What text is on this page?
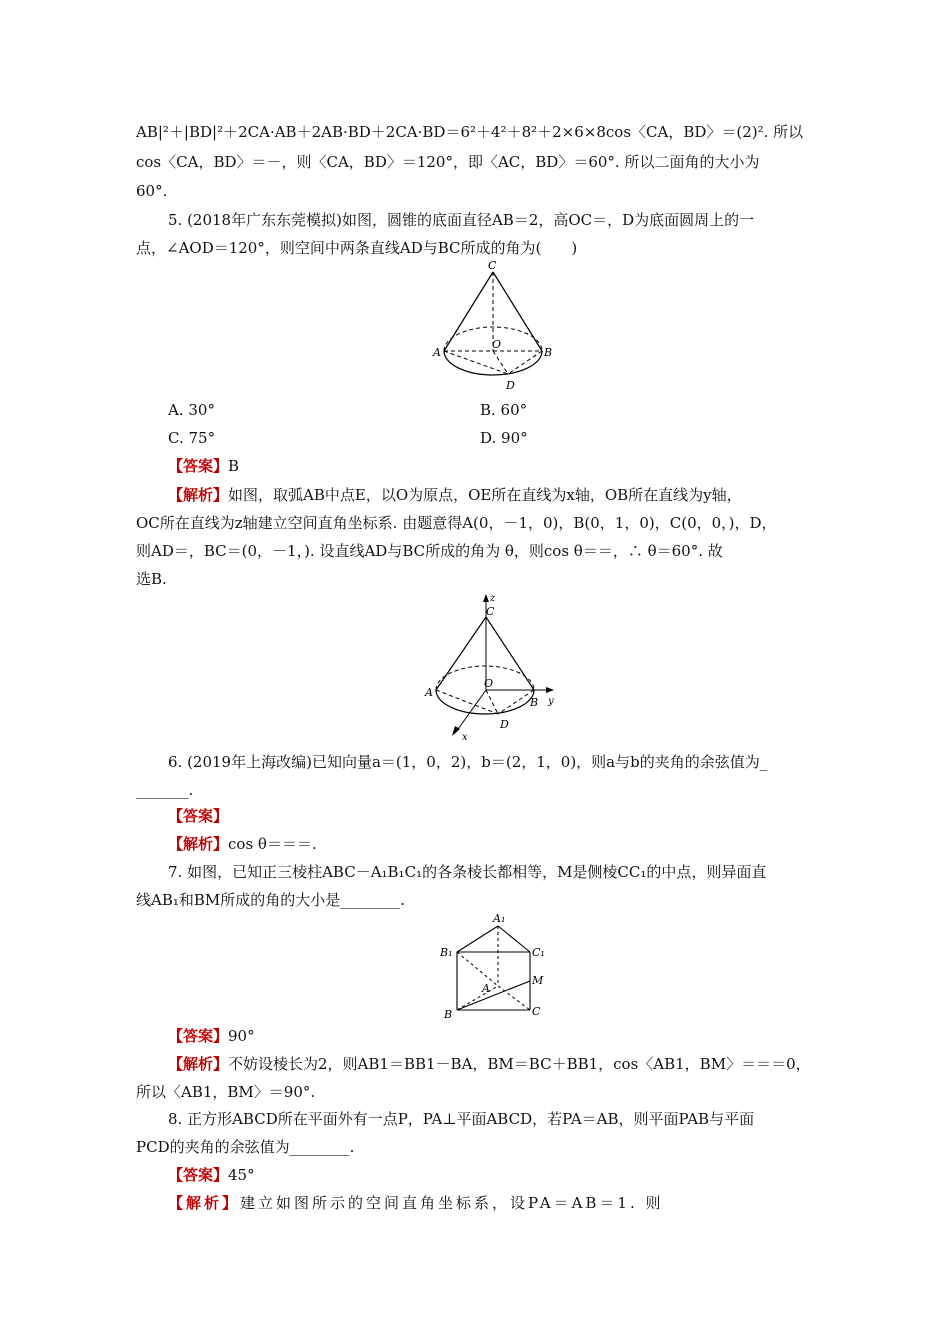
AB|²＋|BD|²＋2CA·AB＋2AB·BD＋2CA·BD＝6²＋4²＋8²＋2×6×8cos〈CA，BD〉＝(2)². 所以
cos〈CA，BD〉＝－，则〈CA，BD〉＝120°，即〈AC，BD〉＝60°. 所以二面角的大小为
60°.
5. (2018年广东东莞模拟)如图，圆锥的底面直径AB＝2，高OC＝，D为底面圆周上的一
点，∠AOD＝120°，则空间中两条直线AD与BC所成的角为(　　)
C
A
O
B
D
A. 30°	B. 60°
C. 75°	D. 90°
【答案】B
【解析】如图，取弧AB中点E，以O为原点，OE所在直线为x轴，OB所在直线为y轴，
OC所在直线为z轴建立空间直角坐标系. 由题意得A(0，－1，0)，B(0，1，0)，C(0，0，)，D，
则AD＝，BC＝(0，－1，). 设直线AD与BC所成的角为 θ，则cos θ＝＝，∴ θ＝60°. 故
选B.
z
C
A
O
B y
D
x
6. (2019年上海改编)已知向量a＝(1，0，2)，b＝(2，1，0)，则a与b的夹角的余弦值为_
_______.
【答案】
【解析】cos θ＝＝＝.
7. 如图，已知正三棱柱ABC－A₁B₁C₁的各条棱长都相等，M是侧棱CC₁的中点，则异面直
线AB₁和BM所成的角的大小是________.
A₁
B₁	C₁
M
A
B	C
【答案】90°
【解析】不妨设棱长为2，则AB1＝BB1－BA，BM＝BC＋BB1，cos〈AB1，BM〉＝＝＝0，
所以〈AB1，BM〉＝90°.
8. 正方形ABCD所在平面外有一点P，PA⊥平面ABCD，若PA＝AB，则平面PAB与平面
PCD的夹角的余弦值为________.
【答案】45°
【解析】建立如图所示的空间直角坐标系，设PA＝AB＝1. 则
